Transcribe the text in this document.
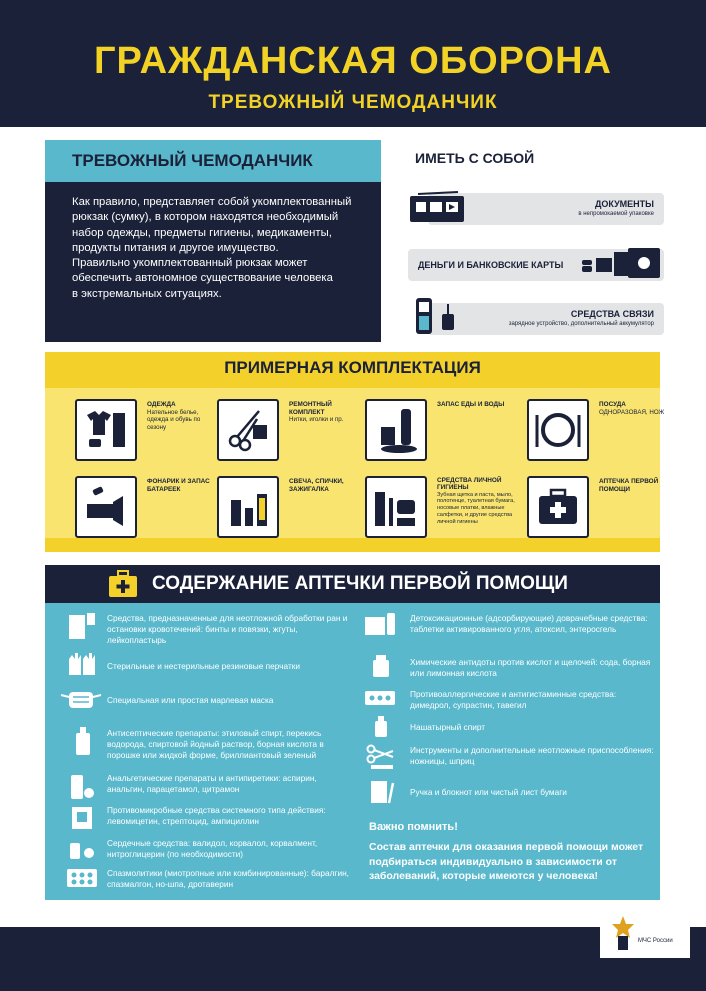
ГРАЖДАНСКАЯ ОБОРОНА
ТРЕВОЖНЫЙ ЧЕМОДАНЧИК
ТРЕВОЖНЫЙ ЧЕМОДАНЧИК
Как правило, представляет собой укомплектованный
рюкзак (сумку), в котором находятся необходимый
набор одежды, предметы гигиены, медикаменты,
продукты питания и другое имущество.
Правильно укомплектованный рюкзак может
обеспечить автономное существование человека
в экстремальных ситуациях.
ИМЕТЬ С СОБОЙ
ДОКУМЕНТЫ
в непромокаемой упаковке
ДЕНЬГИ И БАНКОВСКИЕ КАРТЫ
СРЕДСТВА СВЯЗИ
зарядное устройство, дополнительный аккумулятор
ПРИМЕРНАЯ КОМПЛЕКТАЦИЯ
ОДЕЖДА
Нательное белье, одежда и обувь по сезону
РЕМОНТНЫЙ КОМПЛЕКТ
Нитки, иголки и пр.
ЗАПАС ЕДЫ И ВОДЫ	ПОСУДА
ОДНОРАЗОВАЯ, НОЖ
ФОНАРИК И ЗАПАС БАТАРЕЕК
СВЕЧА, СПИЧКИ, ЗАЖИГАЛКА
СРЕДСТВА ЛИЧНОЙ ГИГИЕНЫ
Зубная щетка и паста, мыло, полотенце, туалетная бумага, носовые платки, влажные салфетки, и другие средства личной гигиены
АПТЕЧКА ПЕРВОЙ ПОМОЩИ
СОДЕРЖАНИЕ АПТЕЧКИ ПЕРВОЙ ПОМОЩИ
Средства, предназначенные для неотложной обработки ран и остановки кровотечений: бинты и повязки, жгуты, лейкопластырь
Стерильные и нестерильные резиновые перчатки
Специальная или простая марлевая маска
Антисептические препараты: этиловый спирт, перекись водорода, спиртовой йодный раствор, борная кислота в порошке или жидкой форме, бриллиантовый зеленый
Анальгетические препараты и антипиретики: аспирин, анальгин, парацетамол, цитрамон
Противомикробные средства системного типа действия: левомицетин, стрептоцид, ампициллин
Сердечные средства: валидол, корвалол, корвалмент, нитроглицерин (по необходимости)
Спазмолитики (миотропные или комбинированные): баралгин, спазмалгон, но-шпа, дротаверин
Детоксикационные (адсорбирующие) доврачебные средства: таблетки активированного угля, атоксил, энтеросгель
Химические антидоты против кислот и щелочей: сода, борная или лимонная кислота
Противоаллергические и антигистаминные средства: димедрол, супрастин, тавегил
Нашатырный спирт
Инструменты и дополнительные неотложные приспособления: ножницы, шприц
Ручка и блокнот или чистый лист бумаги
Важно помнить!
Состав аптечки для оказания первой помощи может подбираться индивидуально в зависимости от заболеваний, которые имеются у человека!
МЧС России
